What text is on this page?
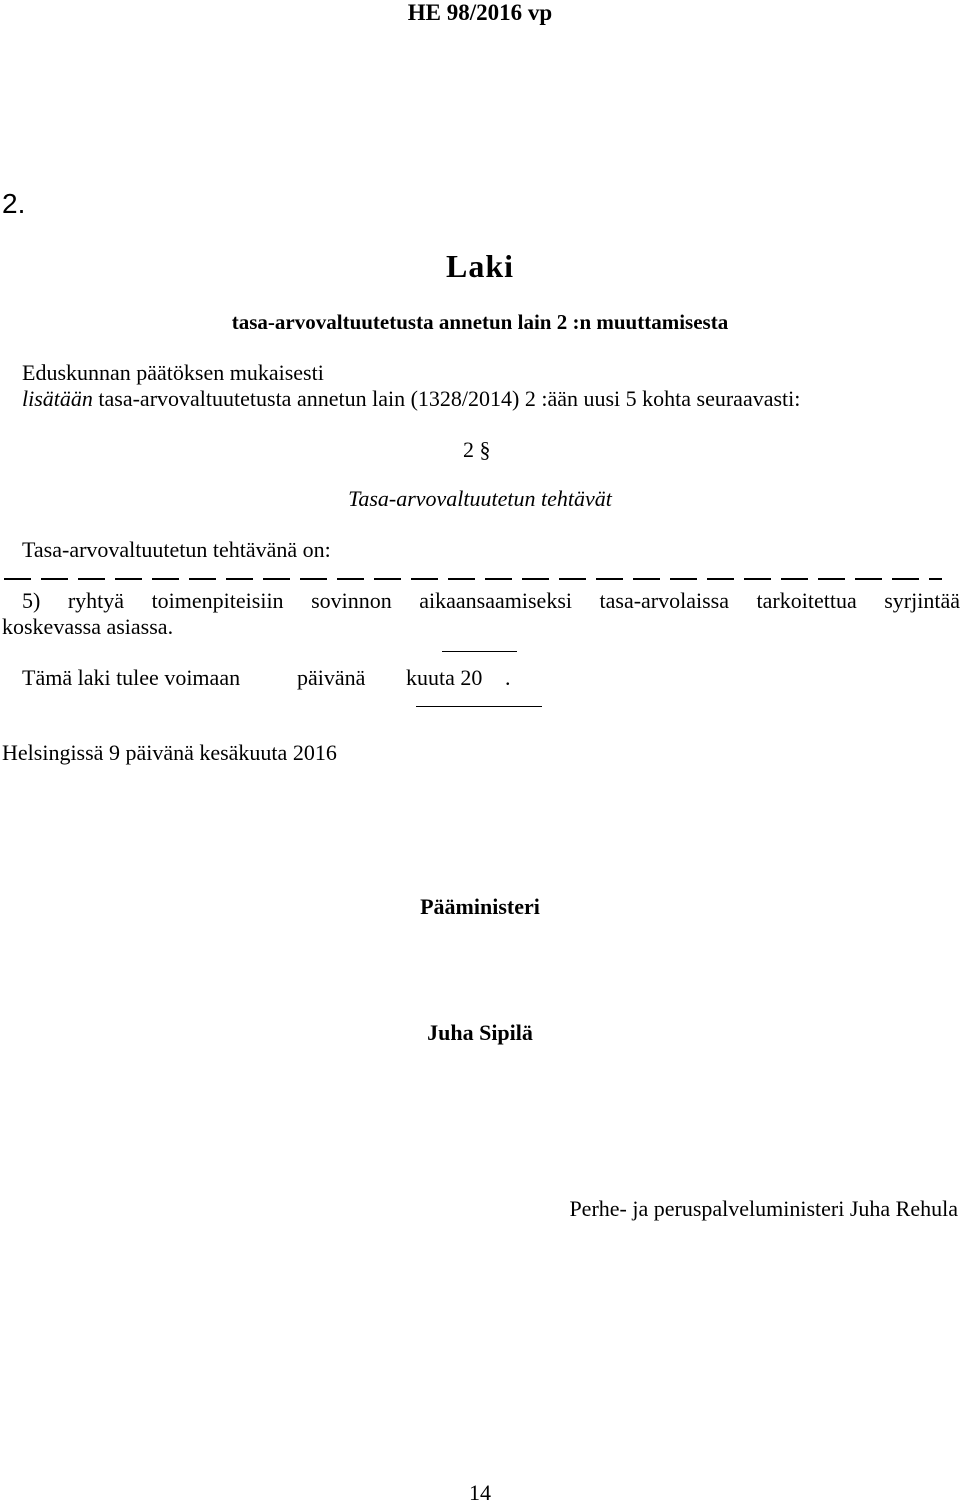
HE 98/2016 vp
2.
Laki
tasa-arvovaltuutetusta annetun lain 2 :n muuttamisesta
Eduskunnan päätöksen mukaisesti
lisätään tasa-arvovaltuutetusta annetun lain (1328/2014) 2 :ään uusi 5 kohta seuraavasti:
2 §
Tasa-arvovaltuutetun tehtävät
Tasa-arvovaltuutetun tehtävänä on:
5) ryhtyä toimenpiteisiin sovinnon aikaansaamiseksi tasa-arvolaissa tarkoitettua syrjintää
koskevassa asiassa.
Tämä laki tulee voimaan	päivänä kuuta 20 .
Helsingissä 9 päivänä kesäkuuta 2016
Pääministeri
Juha Sipilä
Perhe- ja peruspalveluministeri Juha Rehula
14
